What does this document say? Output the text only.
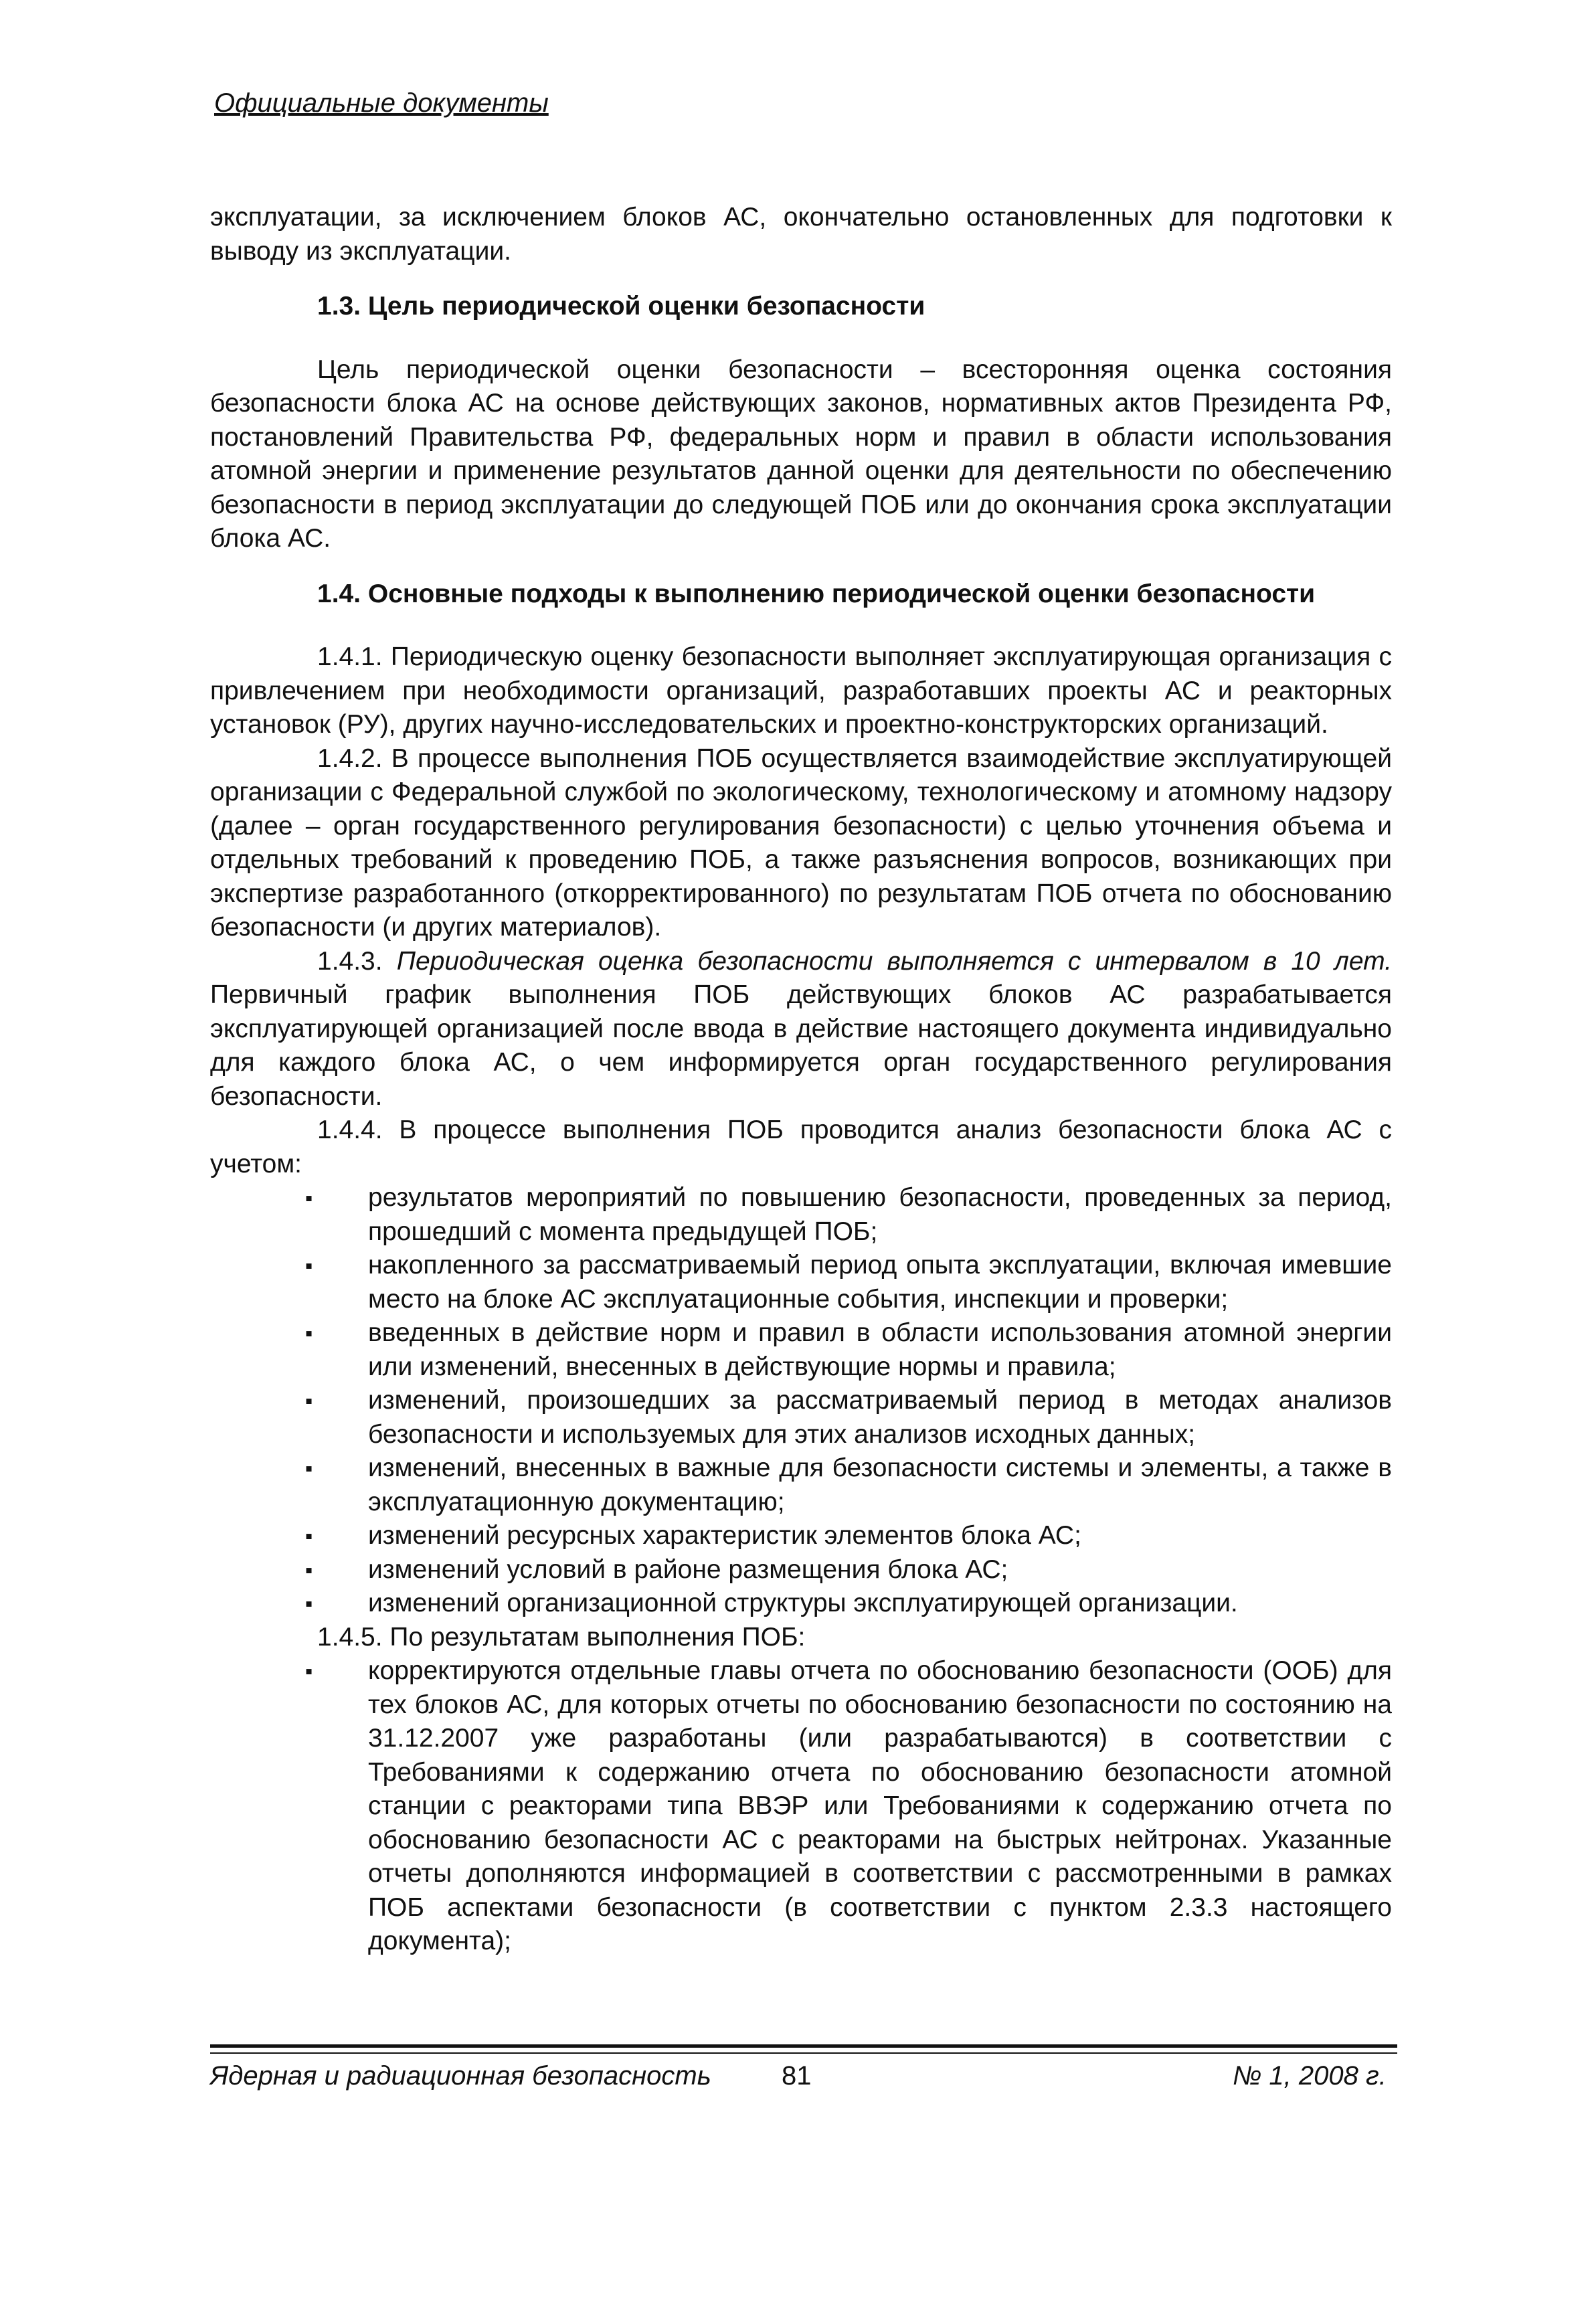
Официальные документы

эксплуатации, за исключением блоков АС, окончательно остановленных для подготовки к выводу из эксплуатации.

1.3. Цель периодической оценки безопасности

Цель периодической оценки безопасности – всесторонняя оценка состояния безопасности блока АС на основе действующих законов, нормативных актов Президента РФ, постановлений Правительства РФ, федеральных норм и правил в области использования атомной энергии и применение результатов данной оценки для деятельности по обеспечению безопасности в период эксплуатации до следующей ПОБ или до окончания срока эксплуатации блока АС.

1.4. Основные подходы к выполнению периодической оценки безопасности

1.4.1. Периодическую оценку безопасности выполняет эксплуатирующая организация с привлечением при необходимости организаций, разработавших проекты АС и реакторных установок (РУ), других научно-исследовательских и проектно-конструкторских организаций.

1.4.2. В процессе выполнения ПОБ осуществляется взаимодействие эксплуатирующей организации с Федеральной службой по экологическому, технологическому и атомному надзору (далее – орган государственного регулирования безопасности) с целью уточнения объема и отдельных требований к проведению ПОБ, а также разъяснения вопросов, возникающих при экспертизе разработанного (откорректированного) по результатам ПОБ отчета по обоснованию безопасности (и других материалов).

1.4.3. Периодическая оценка безопасности выполняется с интервалом в 10 лет. Первичный график выполнения ПОБ действующих блоков АС разрабатывается эксплуатирующей организацией после ввода в действие настоящего документа индивидуально для каждого блока АС, о чем информируется орган государственного регулирования безопасности.

1.4.4. В процессе выполнения ПОБ проводится анализ безопасности блока АС с учетом:

▪ результатов мероприятий по повышению безопасности, проведенных за период, прошедший с момента предыдущей ПОБ;
▪ накопленного за рассматриваемый период опыта эксплуатации, включая имевшие место на блоке АС эксплуатационные события, инспекции и проверки;
▪ введенных в действие норм и правил в области использования атомной энергии или изменений, внесенных в действующие нормы и правила;
▪ изменений, произошедших за рассматриваемый период в методах анализов безопасности и используемых для этих анализов исходных данных;
▪ изменений, внесенных в важные для безопасности системы и элементы, а также в эксплуатационную документацию;
▪ изменений ресурсных характеристик элементов блока АС;
▪ изменений условий в районе размещения блока АС;
▪ изменений организационной структуры эксплуатирующей организации.

1.4.5. По результатам выполнения ПОБ:

▪ корректируются отдельные главы отчета по обоснованию безопасности (ООБ) для тех блоков АС, для которых отчеты по обоснованию безопасности по состоянию на 31.12.2007 уже разработаны (или разрабатываются) в соответствии с Требованиями к содержанию отчета по обоснованию безопасности атомной станции с реакторами типа ВВЭР или Требованиями к содержанию отчета по обоснованию безопасности АС с реакторами на быстрых нейтронах. Указанные отчеты дополняются информацией в соответствии с рассмотренными в рамках ПОБ аспектами безопасности (в соответствии с пунктом 2.3.3 настоящего документа);
Ядерная и радиационная безопасность	81	№ 1, 2008 г.
